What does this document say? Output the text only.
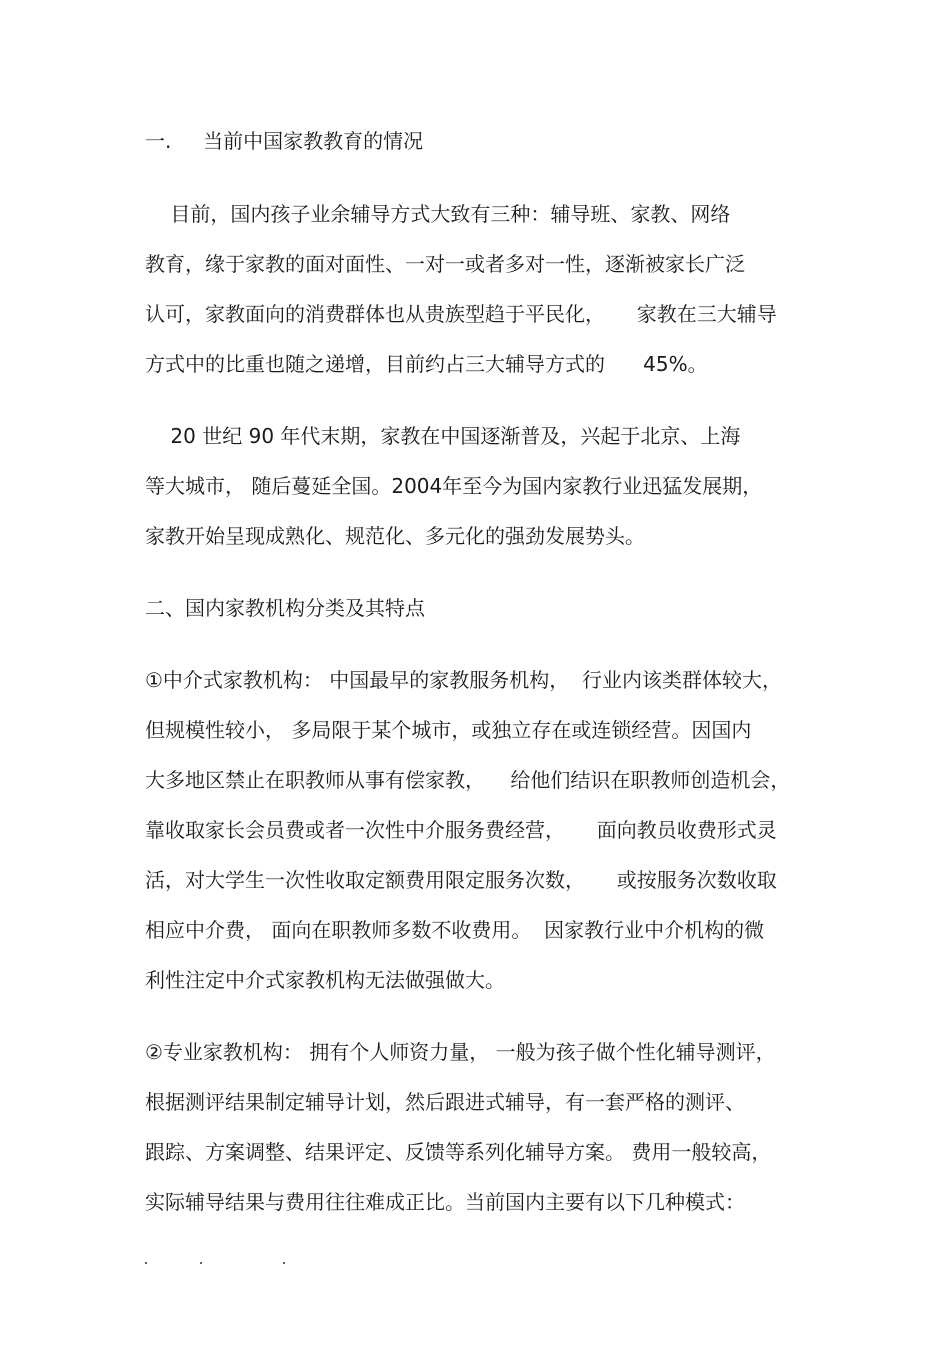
一.     当前中国家教教育的情况

目前，国内孩子业余辅导方式大致有三种：辅导班、家教、网络

教育，缘于家教的面对面性、一对一或者多对一性，逐渐被家长广泛

认可，家教面向的消费群体也从贵族型趋于平民化，     家教在三大辅导

方式中的比重也随之递增，目前约占三大辅导方式的      45%。

20 世纪 90 年代末期，家教在中国逐渐普及，兴起于北京、上海

等大城市， 随后蔓延全国。2004年至今为国内家教行业迅猛发展期，

家教开始呈现成熟化、规范化、多元化的强劲发展势头。

二、国内家教机构分类及其特点

①中介式家教机构： 中国最早的家教服务机构，  行业内该类群体较大，

但规模性较小， 多局限于某个城市，或独立存在或连锁经营。因国内

大多地区禁止在职教师从事有偿家教，    给他们结识在职教师创造机会，

靠收取家长会员费或者一次性中介服务费经营，     面向教员收费形式灵

活，对大学生一次性收取定额费用限定服务次数，     或按服务次数收取

相应中介费， 面向在职教师多数不收费用。  因家教行业中介机构的微

利性注定中介式家教机构无法做强做大。

②专业家教机构： 拥有个人师资力量， 一般为孩子做个性化辅导测评，

根据测评结果制定辅导计划，然后跟进式辅导，有一套严格的测评、

跟踪、方案调整、结果评定、反馈等系列化辅导方案。 费用一般较高，

实际辅导结果与费用往往难成正比。当前国内主要有以下几种模式：
